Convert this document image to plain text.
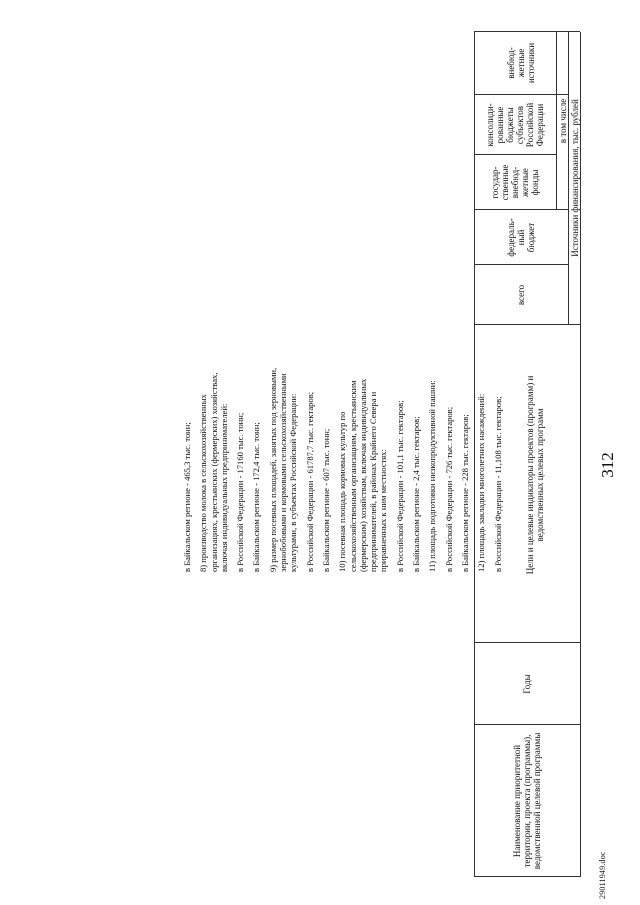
312
29011949.doc
Наименование приоритетной территории, проекта (программы), ведомственной целевой программы
Годы
Цели и целевые индикаторы проектов (программ) и ведомственных целевых программ
Источники финансирования, тыс. рублей
всего
в том числе
федераль-
ный
бюджет
государ-
ственные
внебюд-
жетные
фонды
консолиди-
рованные
бюджеты
субъектов
Российской
Федерации
внебюд-
жетные
источники
в Байкальском регионе - 465,3 тыс. тонн; 8) производство молока в сельскохозяйственных организациях, крестьянских (фермерских) хозяйствах, включая индивидуальных предпринимателей: в Российской Федерации - 17160 тыс. тонн; в Байкальском регионе - 172,4 тыс. тонн; 9) размер посевных площадей, занятых под зерновыми, зернобобовыми и кормовыми сельскохозяйственными культурами, в субъектах Российской Федерации: в Российской Федерации - 61787,7 тыс. гектаров; в Байкальском регионе - 607 тыс. тонн; 10) посевная площадь кормовых культур по сельскохозяйственным организациям, крестьянским (фермерским) хозяйствам, включая индивидуальных предпринимателей, в районах Крайнего Севера и приравненных к ним местностях: в Российской Федерации - 101,1 тыс. гектаров; в Байкальском регионе - 2,4 тыс. гектаров; 11) площадь подготовки низкопродуктивной пашни: в Российской Федерации - 726 тыс. гектаров; в Байкальском регионе - 228 тыс. гектаров; 12) площадь закладки многолетних насаждений: в Российской Федерации - 11,108 тыс. гектаров;
